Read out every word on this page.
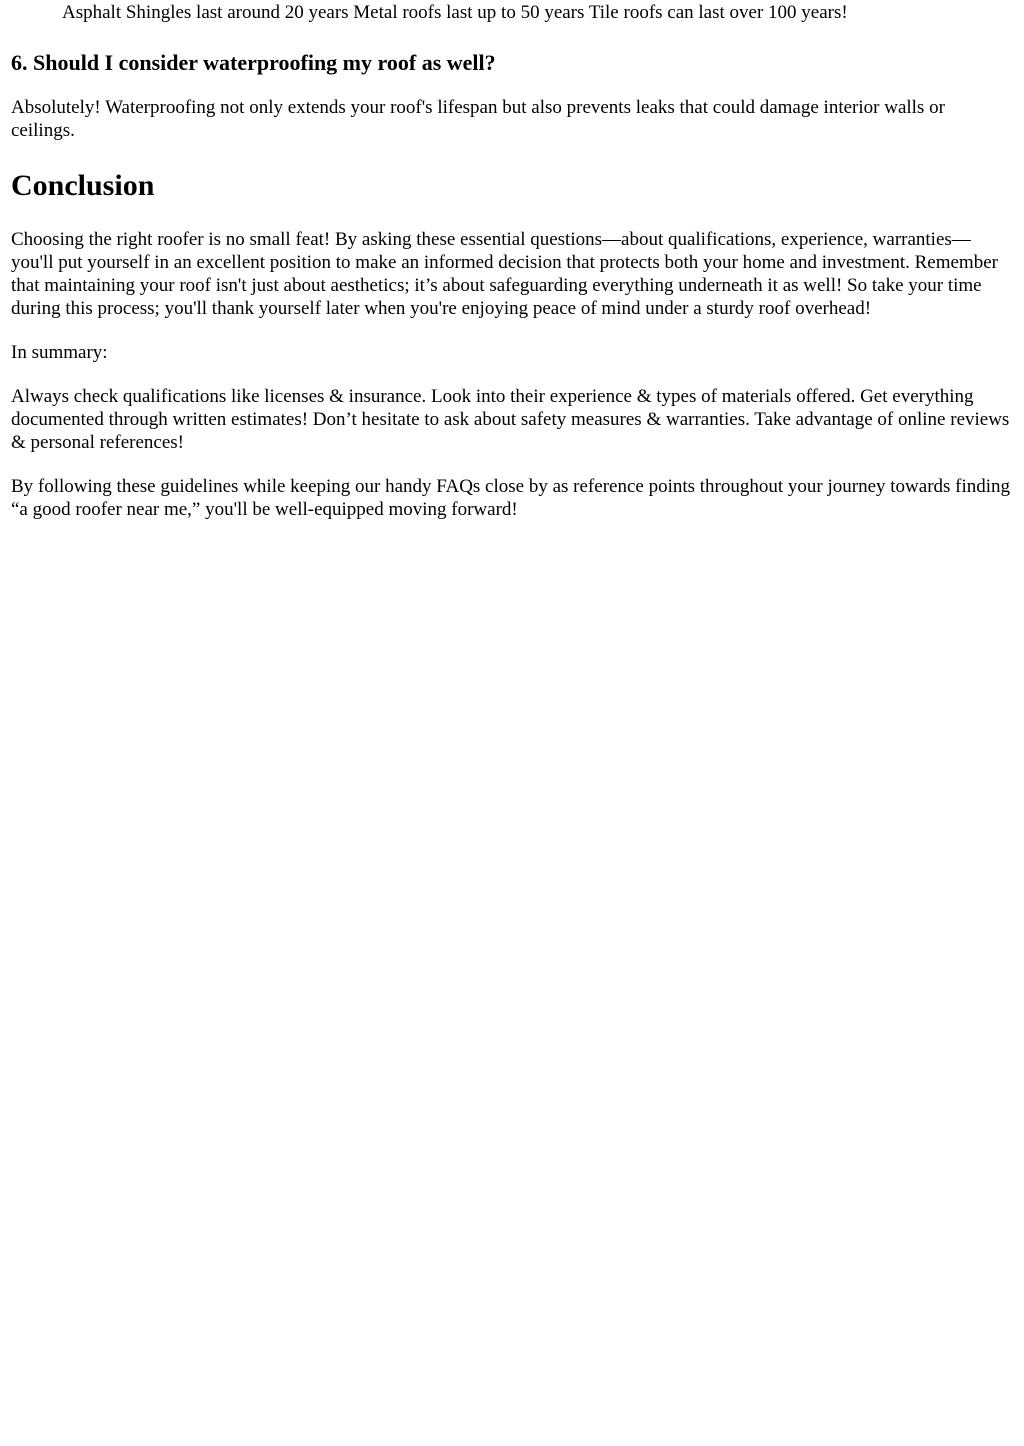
Asphalt Shingles last around 20 years Metal roofs last up to 50 years Tile roofs can last over 100 years!
6. Should I consider waterproofing my roof as well?

Absolutely! Waterproofing not only extends your roof's lifespan but also prevents leaks that could damage interior walls or ceilings.

Conclusion

Choosing the right roofer is no small feat! By asking these essential questions—about qualifications, experience, warranties—you'll put yourself in an excellent position to make an informed decision that protects both your home and investment. Remember that maintaining your roof isn't just about aesthetics; it’s about safeguarding everything underneath it as well! So take your time during this process; you'll thank yourself later when you're enjoying peace of mind under a sturdy roof overhead!

In summary:

Always check qualifications like licenses & insurance. Look into their experience & types of materials offered. Get everything documented through written estimates! Don’t hesitate to ask about safety measures & warranties. Take advantage of online reviews & personal references!

By following these guidelines while keeping our handy FAQs close by as reference points throughout your journey towards finding “a good roofer near me,” you'll be well-equipped moving forward!
